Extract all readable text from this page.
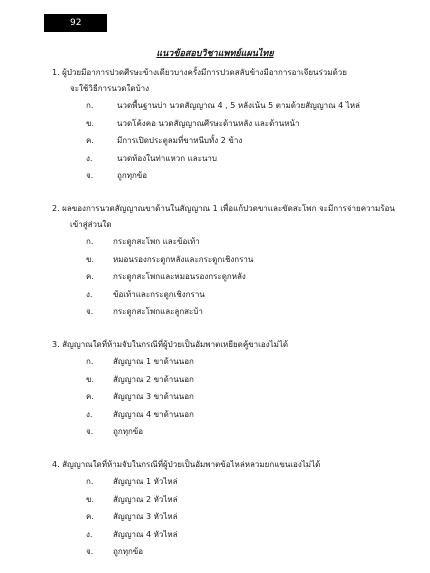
92
แนวข้อสอบวิชาแพทย์แผนไทย
1. ผู้ป่วยมีอาการปวดศีรษะข้างเดียวบางครั้งมีการปวดสลับข้างมีอาการอาเจียนร่วมด้วย
จะใช้วิธีการนวดใดบ้าง
ก.	นวดพื้นฐานบ่า นวดสัญญาณ 4 , 5 หลังเน้น 5 ตามด้วยสัญญาณ 4 ไหล่
ข.	นวดโค้งคอ นวดสัญญาณศีรษะด้านหลัง และด้านหน้า
ค.	มีการเปิดประตูลมที่ขาหนีบทั้ง 2 ข้าง
ง.	นวดท้องในท่าแหวก และนาบ
จ.	ถูกทุกข้อ
2. ผลของการนวดสัญญาณขาด้านในสัญญาณ 1 เพื่อแก้ปวดขาและขัดสะโพก จะมีการจ่ายความร้อน
เข้าสู่ส่วนใด
ก. กระดูกสะโพก และข้อเท้า
ข. หมอนรองกระดูกหลังและกระดูกเชิงกราน
ค. กระดูกสะโพกและหมอนรองกระดูกหลัง
ง.	ข้อเท้าและกระดูกเชิงกราน
จ. กระดูกสะโพกและลูกสะบ้า
3. สัญญาณใดที่ห้ามจับในกรณีที่ผู้ป่วยเป็นอัมพาตเหยียดคู้ขาเองไม่ได้
ก. สัญญาณ 1 ขาด้านนอก
ข. สัญญาณ 2 ขาด้านนอก
ค. สัญญาณ 3 ขาด้านนอก
ง.	สัญญาณ 4 ขาด้านนอก
จ. ถูกทุกข้อ
4. สัญญาณใดที่ห้ามจับในกรณีที่ผู้ป่วยเป็นอัมพาตข้อไหล่หลวมยกแขนเองไม่ได้
ก. สัญญาณ 1 หัวไหล่
ข. สัญญาณ 2 หัวไหล่
ค. สัญญาณ 3 หัวไหล่
ง.	สัญญาณ 4 หัวไหล่
จ. ถูกทุกข้อ
